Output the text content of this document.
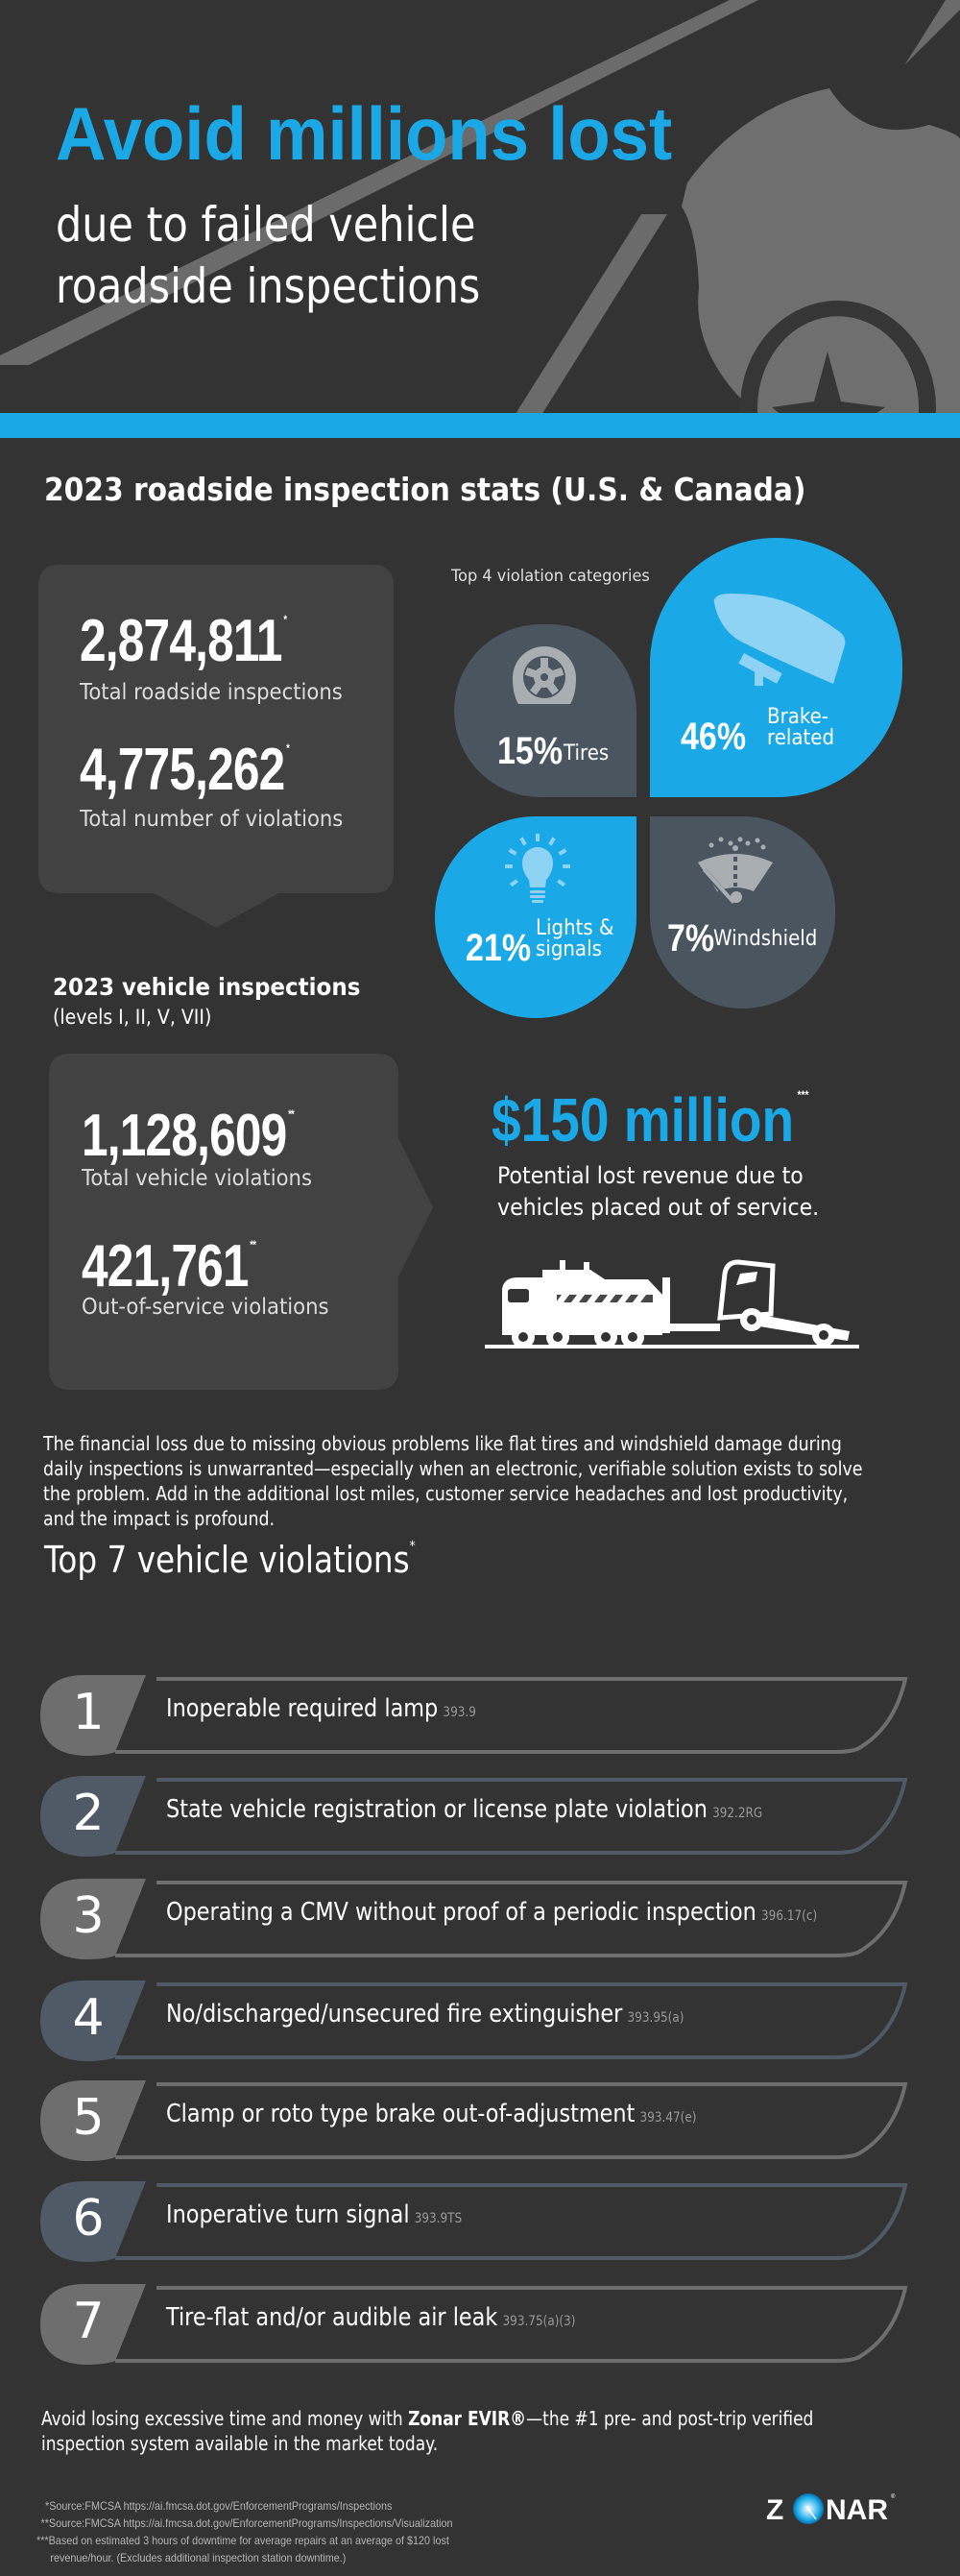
Avoid millions lost
due to failed vehicle
roadside inspections
2023 roadside inspection stats (U.S. & Canada)
2,874,811 *
Total roadside inspections
4,775,262 *
Total number of violations
Top 4 violation categories
15% Tires 46% Brake-
related
21% Lights &
signals	7%
Windshield
2023 vehicle inspections
(levels I, II, V, VII)
1,128,609 **
Total vehicle violations
421,761 **
Out-of-service violations
$150 million ***
Potential lost revenue due to
vehicles placed out of service.
The financial loss due to missing obvious problems like flat tires and windshield damage during daily inspections is unwarranted—especially when an electronic, verifiable solution exists to solve the problem. Add in the additional lost miles, customer service headaches and lost productivity, and the impact is profound.
Top 7 vehicle violations*
1 Inoperable required lamp 393.9
2 State vehicle registration or license plate violation 392.2RG
3 Operating a CMV without proof of a periodic inspection 396.17(c)
4 No/discharged/unsecured fire extinguisher 393.95(a)
5 Clamp or roto type brake out-of-adjustment 393.47(e)
6 Inoperative turn signal 393.9TS
7 Tire-flat and/or audible air leak 393.75(a)(3)
Avoid losing excessive time and money with Zonar EVIR®—the #1 pre- and post-trip verified inspection system available in the market today.
*Source:FMCSA https://ai.fmcsa.dot.gov/EnforcementPrograms/Inspections
**Source:FMCSA https://ai.fmcsa.dot.gov/EnforcementPrograms/Inspections/Visualization
***Based on estimated 3 hours of downtime for average repairs at an average of $120 lost
revenue/hour. (Excludes additional inspection station downtime.)
Z NAR ®
